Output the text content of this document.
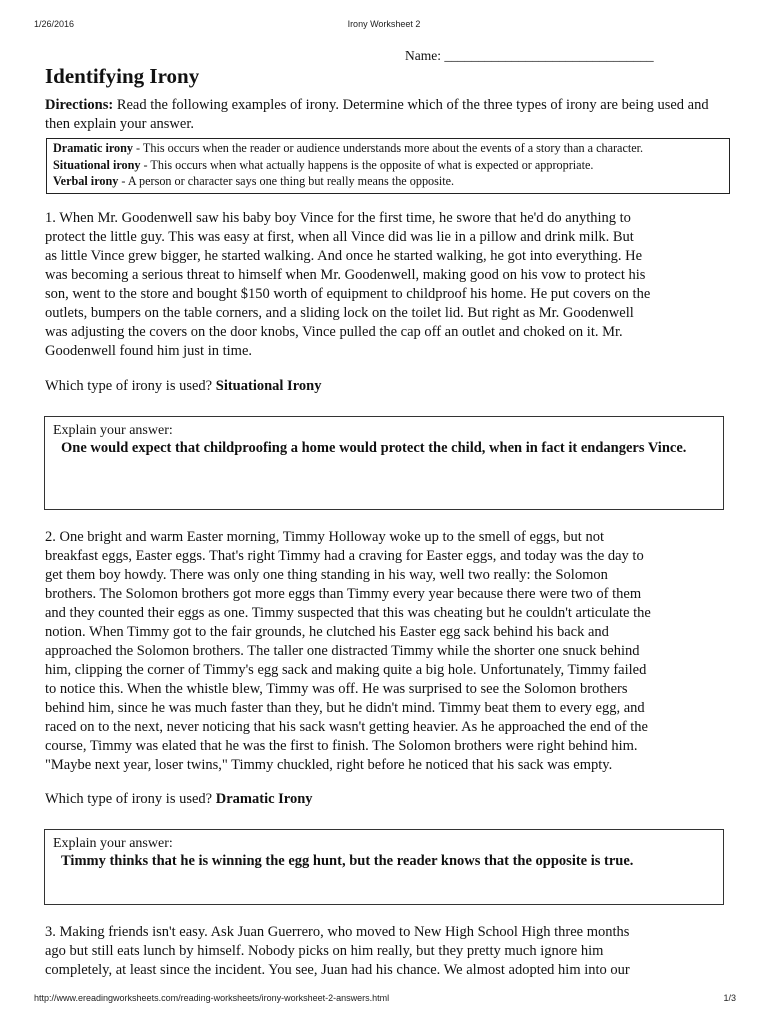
1/26/2016	Irony Worksheet 2
Name: _______________________________
Identifying Irony
Directions: Read the following examples of irony. Determine which of the three types of irony are being used and then explain your answer.
Dramatic irony - This occurs when the reader or audience understands more about the events of a story than a character.
Situational irony - This occurs when what actually happens is the opposite of what is expected or appropriate.
Verbal irony - A person or character says one thing but really means the opposite.
1. When Mr. Goodenwell saw his baby boy Vince for the first time, he swore that he'd do anything to
protect the little guy. This was easy at first, when all Vince did was lie in a pillow and drink milk. But
as little Vince grew bigger, he started walking. And once he started walking, he got into everything. He
was becoming a serious threat to himself when Mr. Goodenwell, making good on his vow to protect his
son, went to the store and bought $150 worth of equipment to childproof his home. He put covers on the
outlets, bumpers on the table corners, and a sliding lock on the toilet lid. But right as Mr. Goodenwell
was adjusting the covers on the door knobs, Vince pulled the cap off an outlet and choked on it. Mr.
Goodenwell found him just in time.
Which type of irony is used? Situational Irony
Explain your answer:
One would expect that childproofing a home would protect the child, when in fact it endangers Vince.
2. One bright and warm Easter morning, Timmy Holloway woke up to the smell of eggs, but not
breakfast eggs, Easter eggs. That's right Timmy had a craving for Easter eggs, and today was the day to
get them boy howdy. There was only one thing standing in his way, well two really: the Solomon
brothers. The Solomon brothers got more eggs than Timmy every year because there were two of them
and they counted their eggs as one. Timmy suspected that this was cheating but he couldn't articulate the
notion. When Timmy got to the fair grounds, he clutched his Easter egg sack behind his back and
approached the Solomon brothers. The taller one distracted Timmy while the shorter one snuck behind
him, clipping the corner of Timmy's egg sack and making quite a big hole. Unfortunately, Timmy failed
to notice this. When the whistle blew, Timmy was off. He was surprised to see the Solomon brothers
behind him, since he was much faster than they, but he didn't mind. Timmy beat them to every egg, and
raced on to the next, never noticing that his sack wasn't getting heavier. As he approached the end of the
course, Timmy was elated that he was the first to finish. The Solomon brothers were right behind him.
"Maybe next year, loser twins," Timmy chuckled, right before he noticed that his sack was empty.
Which type of irony is used? Dramatic Irony
Explain your answer:
Timmy thinks that he is winning the egg hunt, but the reader knows that the opposite is true.
3. Making friends isn't easy. Ask Juan Guerrero, who moved to New High School High three months
ago but still eats lunch by himself. Nobody picks on him really, but they pretty much ignore him
completely, at least since the incident. You see, Juan had his chance. We almost adopted him into our
http://www.ereadingworksheets.com/reading-worksheets/irony-worksheet-2-answers.html	1/3
